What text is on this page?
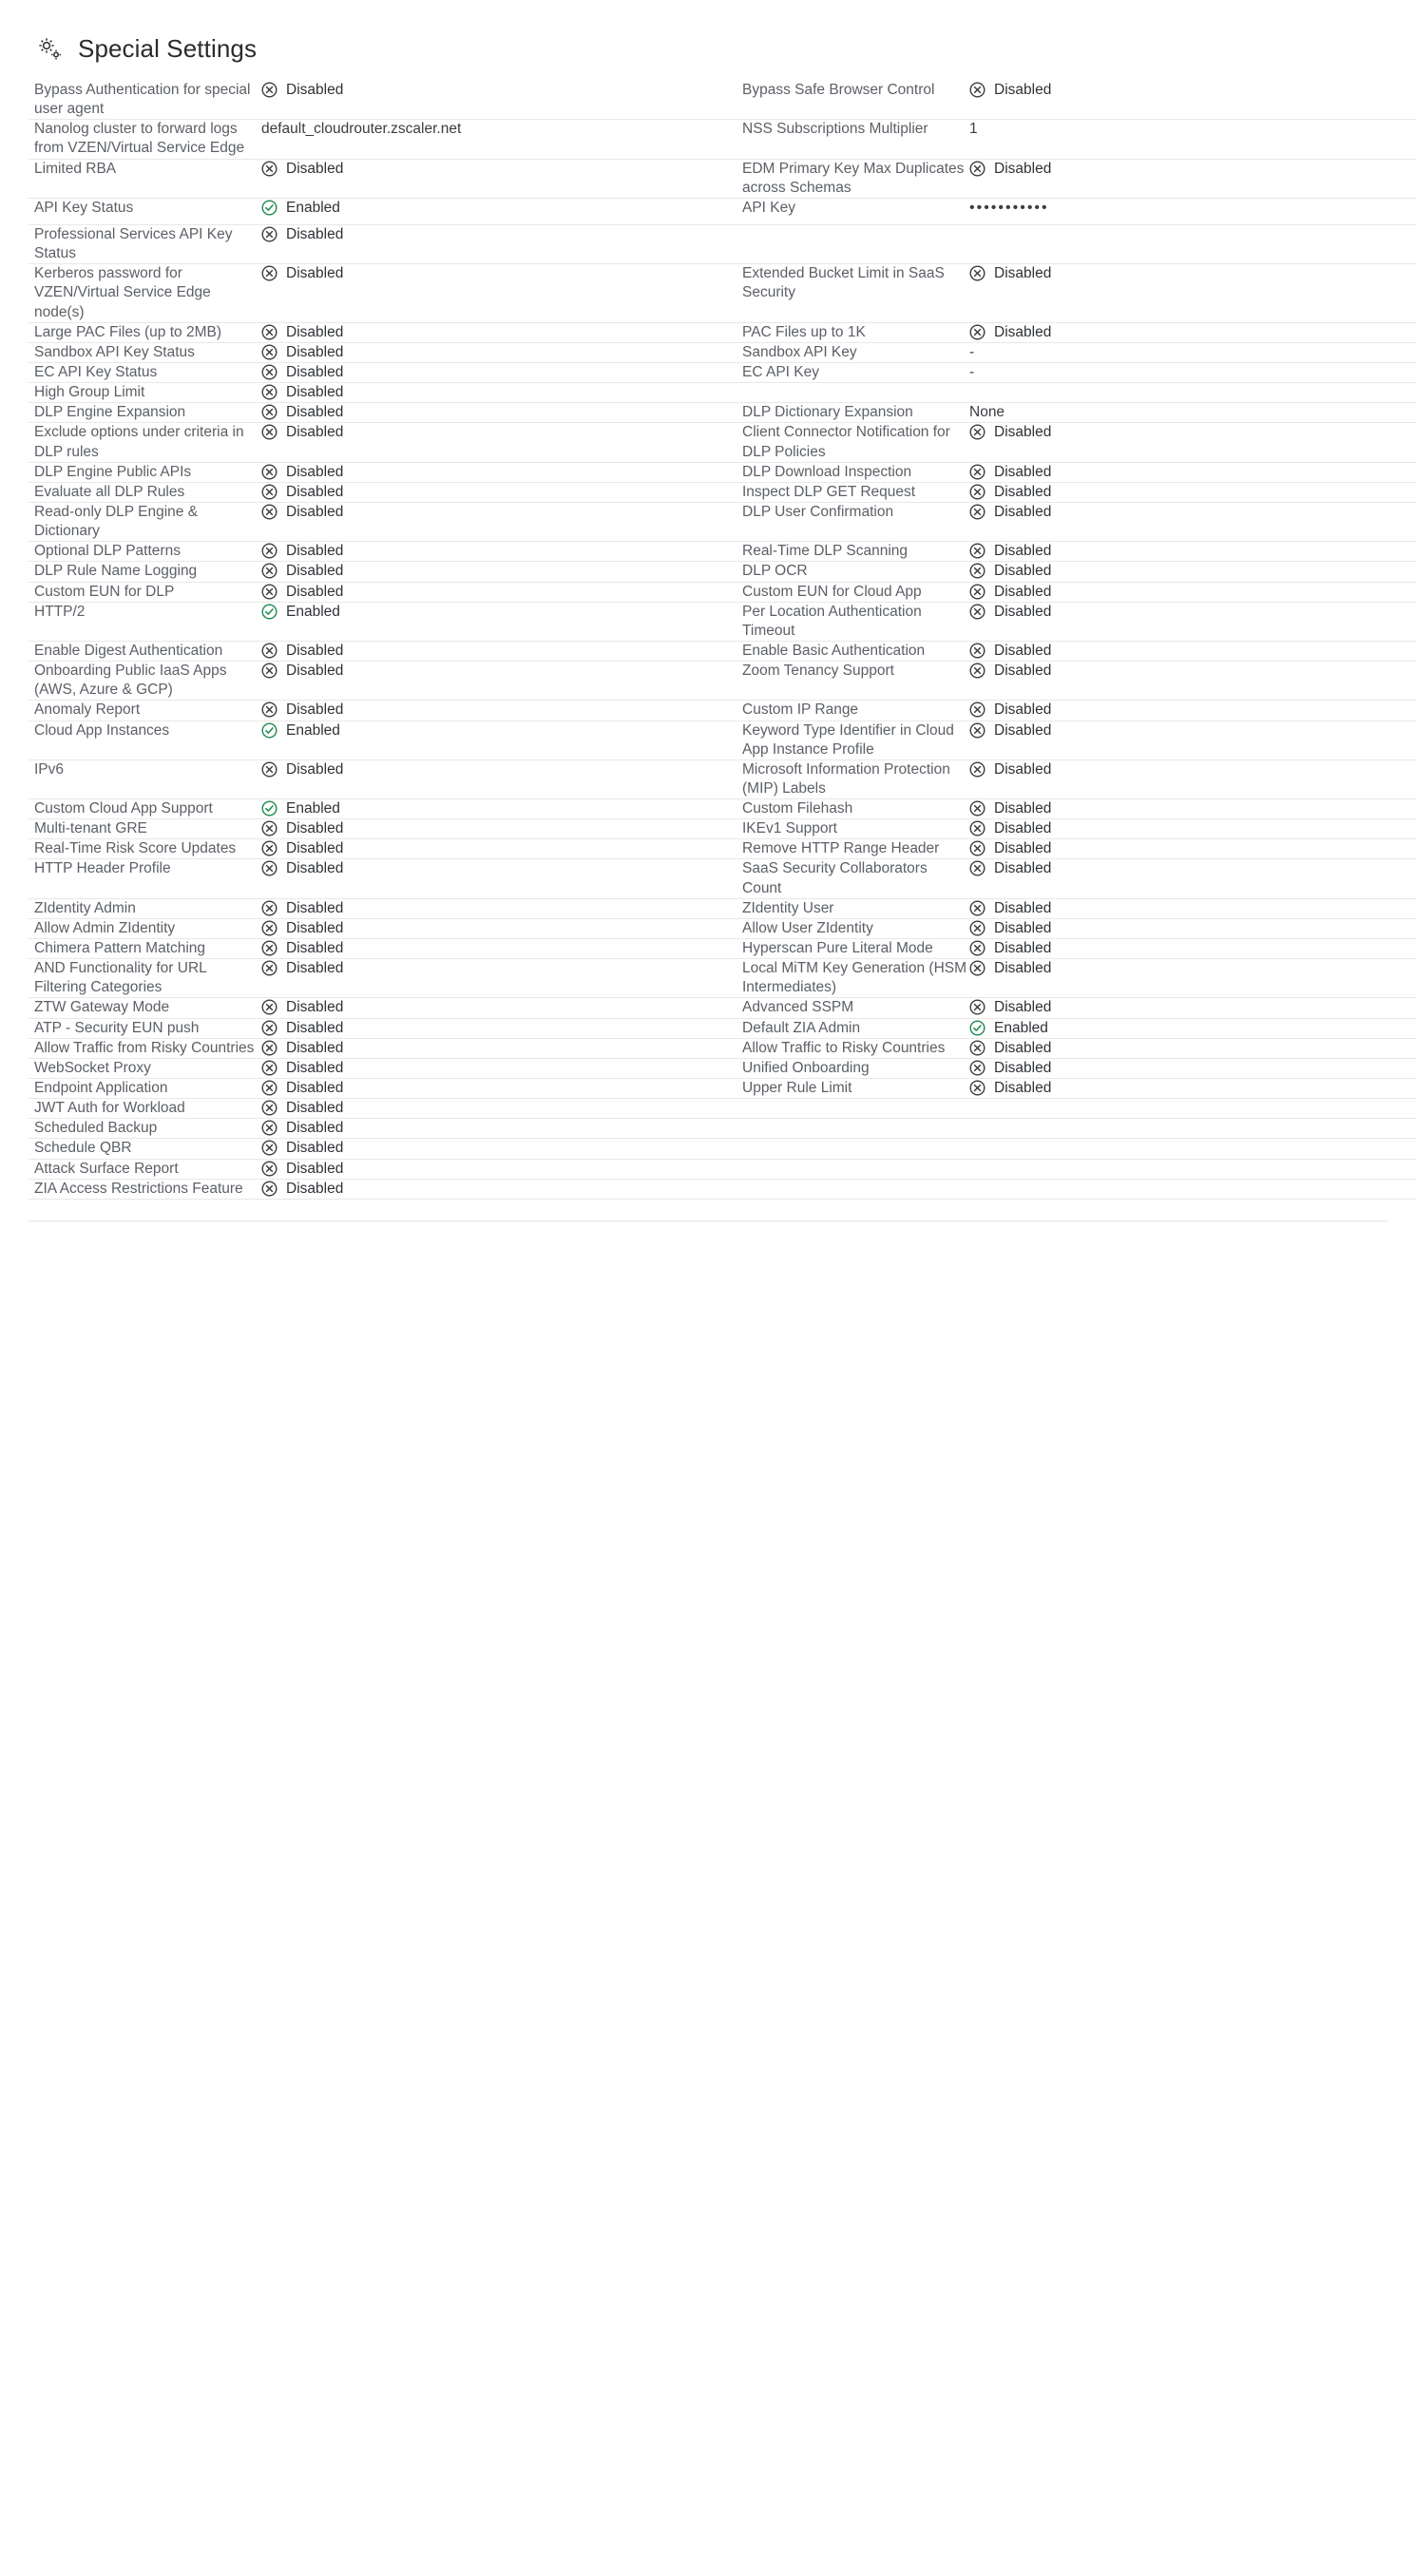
Special Settings
Bypass Authentication for special user agent	Disabled	Bypass Safe Browser Control	Disabled

Nanolog cluster to forward logs from VZEN/Virtual Service Edge	default_cloudrouter.zscaler.net	NSS Subscriptions Multiplier	1

Limited RBA	Disabled	EDM Primary Key Max Duplicates across Schemas	Disabled

API Key Status	Enabled	API Key	•••••••••••

Professional Services API Key Status	Disabled		

Kerberos password for VZEN/Virtual Service Edge node(s)	Disabled	Extended Bucket Limit in SaaS Security	Disabled

Large PAC Files (up to 2MB)	Disabled	PAC Files up to 1K	Disabled

Sandbox API Key Status	Disabled	Sandbox API Key	-

EC API Key Status	Disabled	EC API Key	-

High Group Limit	Disabled		

DLP Engine Expansion	Disabled	DLP Dictionary Expansion	None

Exclude options under criteria in DLP rules	Disabled	Client Connector Notification for DLP Policies	Disabled

DLP Engine Public APIs	Disabled	DLP Download Inspection	Disabled

Evaluate all DLP Rules	Disabled	Inspect DLP GET Request	Disabled

Read-only DLP Engine & Dictionary	Disabled	DLP User Confirmation	Disabled

Optional DLP Patterns	Disabled	Real-Time DLP Scanning	Disabled

DLP Rule Name Logging	Disabled	DLP OCR	Disabled

Custom EUN for DLP	Disabled	Custom EUN for Cloud App	Disabled

HTTP/2	Enabled	Per Location Authentication Timeout	Disabled

Enable Digest Authentication	Disabled	Enable Basic Authentication	Disabled

Onboarding Public IaaS Apps (AWS, Azure & GCP)	Disabled	Zoom Tenancy Support	Disabled

Anomaly Report	Disabled	Custom IP Range	Disabled

Cloud App Instances	Enabled	Keyword Type Identifier in Cloud App Instance Profile	Disabled

IPv6	Disabled	Microsoft Information Protection (MIP) Labels	Disabled

Custom Cloud App Support	Enabled	Custom Filehash	Disabled

Multi-tenant GRE	Disabled	IKEv1 Support	Disabled

Real-Time Risk Score Updates	Disabled	Remove HTTP Range Header	Disabled

HTTP Header Profile	Disabled	SaaS Security Collaborators Count	Disabled

ZIdentity Admin	Disabled	ZIdentity User	Disabled

Allow Admin ZIdentity	Disabled	Allow User ZIdentity	Disabled

Chimera Pattern Matching	Disabled	Hyperscan Pure Literal Mode	Disabled

AND Functionality for URL Filtering Categories	Disabled	Local MiTM Key Generation (HSM Intermediates)	Disabled

ZTW Gateway Mode	Disabled	Advanced SSPM	Disabled

ATP - Security EUN push	Disabled	Default ZIA Admin	Enabled

Allow Traffic from Risky Countries	Disabled	Allow Traffic to Risky Countries	Disabled

WebSocket Proxy	Disabled	Unified Onboarding	Disabled

Endpoint Application	Disabled	Upper Rule Limit	Disabled

JWT Auth for Workload	Disabled		

Scheduled Backup	Disabled		

Schedule QBR	Disabled		

Attack Surface Report	Disabled		

ZIA Access Restrictions Feature	Disabled		
